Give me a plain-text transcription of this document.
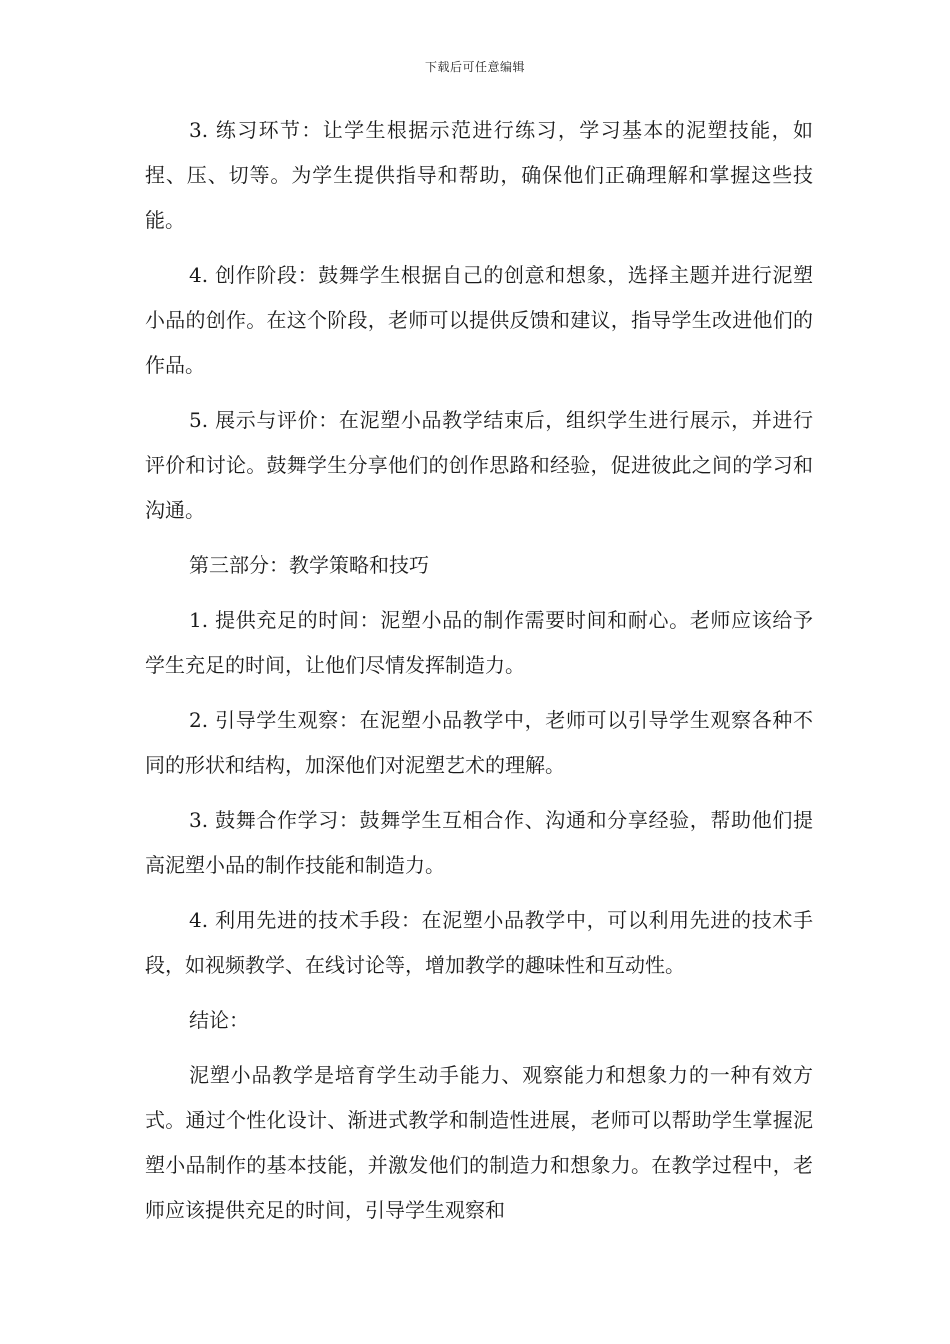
下载后可任意编辑

3. 练习环节：让学生根据示范进行练习，学习基本的泥塑技能，如捏、压、切等。为学生提供指导和帮助，确保他们正确理解和掌握这些技能。

4. 创作阶段：鼓舞学生根据自己的创意和想象，选择主题并进行泥塑小品的创作。在这个阶段，老师可以提供反馈和建议，指导学生改进他们的作品。

5. 展示与评价：在泥塑小品教学结束后，组织学生进行展示，并进行评价和讨论。鼓舞学生分享他们的创作思路和经验，促进彼此之间的学习和沟通。

第三部分：教学策略和技巧

1. 提供充足的时间：泥塑小品的制作需要时间和耐心。老师应该给予学生充足的时间，让他们尽情发挥制造力。

2. 引导学生观察：在泥塑小品教学中，老师可以引导学生观察各种不同的形状和结构，加深他们对泥塑艺术的理解。

3. 鼓舞合作学习：鼓舞学生互相合作、沟通和分享经验，帮助他们提高泥塑小品的制作技能和制造力。

4. 利用先进的技术手段：在泥塑小品教学中，可以利用先进的技术手段，如视频教学、在线讨论等，增加教学的趣味性和互动性。

结论：

泥塑小品教学是培育学生动手能力、观察能力和想象力的一种有效方式。通过个性化设计、渐进式教学和制造性进展，老师可以帮助学生掌握泥塑小品制作的基本技能，并激发他们的制造力和想象力。在教学过程中，老师应该提供充足的时间，引导学生观察和
